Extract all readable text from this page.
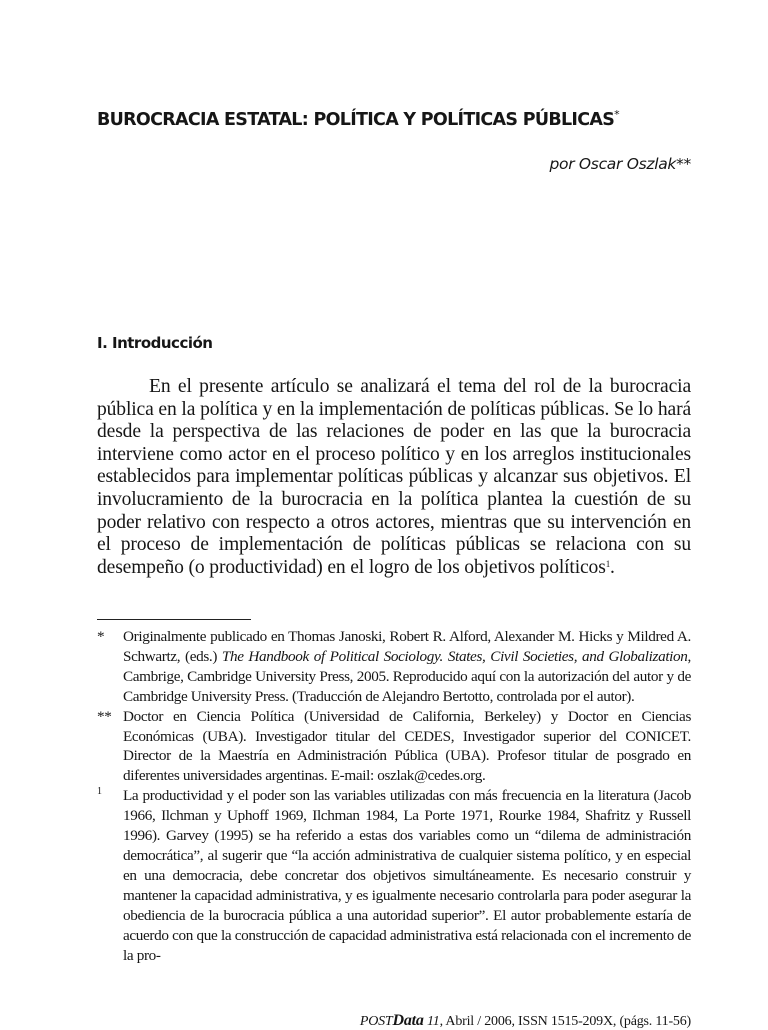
BUROCRACIA ESTATAL: POLÍTICA Y POLÍTICAS PÚBLICAS*

por Oscar Oszlak**

I. Introducción

En el presente artículo se analizará el tema del rol de la burocracia pública en la política y en la implementación de políticas públicas. Se lo hará desde la perspectiva de las relaciones de poder en las que la burocracia interviene como actor en el proceso político y en los arreglos institucionales establecidos para implementar políticas públicas y alcanzar sus objetivos. El involucramiento de la burocracia en la política plantea la cuestión de su poder relativo con respecto a otros actores, mientras que su intervención en el proceso de implementación de políticas públicas se relaciona con su desempeño (o productividad) en el logro de los objetivos políticos$^1$.

* Originalmente publicado en Thomas Janoski, Robert R. Alford, Alexander M. Hicks y Mildred A. Schwartz, (eds.) The Handbook of Political Sociology. States, Civil Societies, and Globalization, Cambrige, Cambridge University Press, 2005. Reproducido aquí con la autorización del autor y de Cambridge University Press. (Traducción de Alejandro Bertotto, controlada por el autor).
** Doctor en Ciencia Política (Universidad de California, Berkeley) y Doctor en Ciencias Económicas (UBA). Investigador titular del CEDES, Investigador superior del CONICET. Director de la Maestría en Administración Pública (UBA). Profesor titular de posgrado en diferentes universidades argentinas. E-mail: oszlak@cedes.org.
1 La productividad y el poder son las variables utilizadas con más frecuencia en la literatura (Jacob 1966, Ilchman y Uphoff 1969, Ilchman 1984, La Porte 1971, Rourke 1984, Shafritz y Russell 1996). Garvey (1995) se ha referido a estas dos variables como un “dilema de administración democrática”, al sugerir que “la acción administrativa de cualquier sistema político, y en especial en una democracia, debe concretar dos objetivos simultáneamente. Es necesario construir y mantener la capacidad administrativa, y es igualmente necesario controlarla para poder asegurar la obediencia de la burocracia pública a una autoridad superior”. El autor probablemente estaría de acuerdo con que la construcción de capacidad administrativa está relacionada con el incremento de la pro-
POSTData 11, Abril / 2006, ISSN 1515-209X, (págs. 11-56)
